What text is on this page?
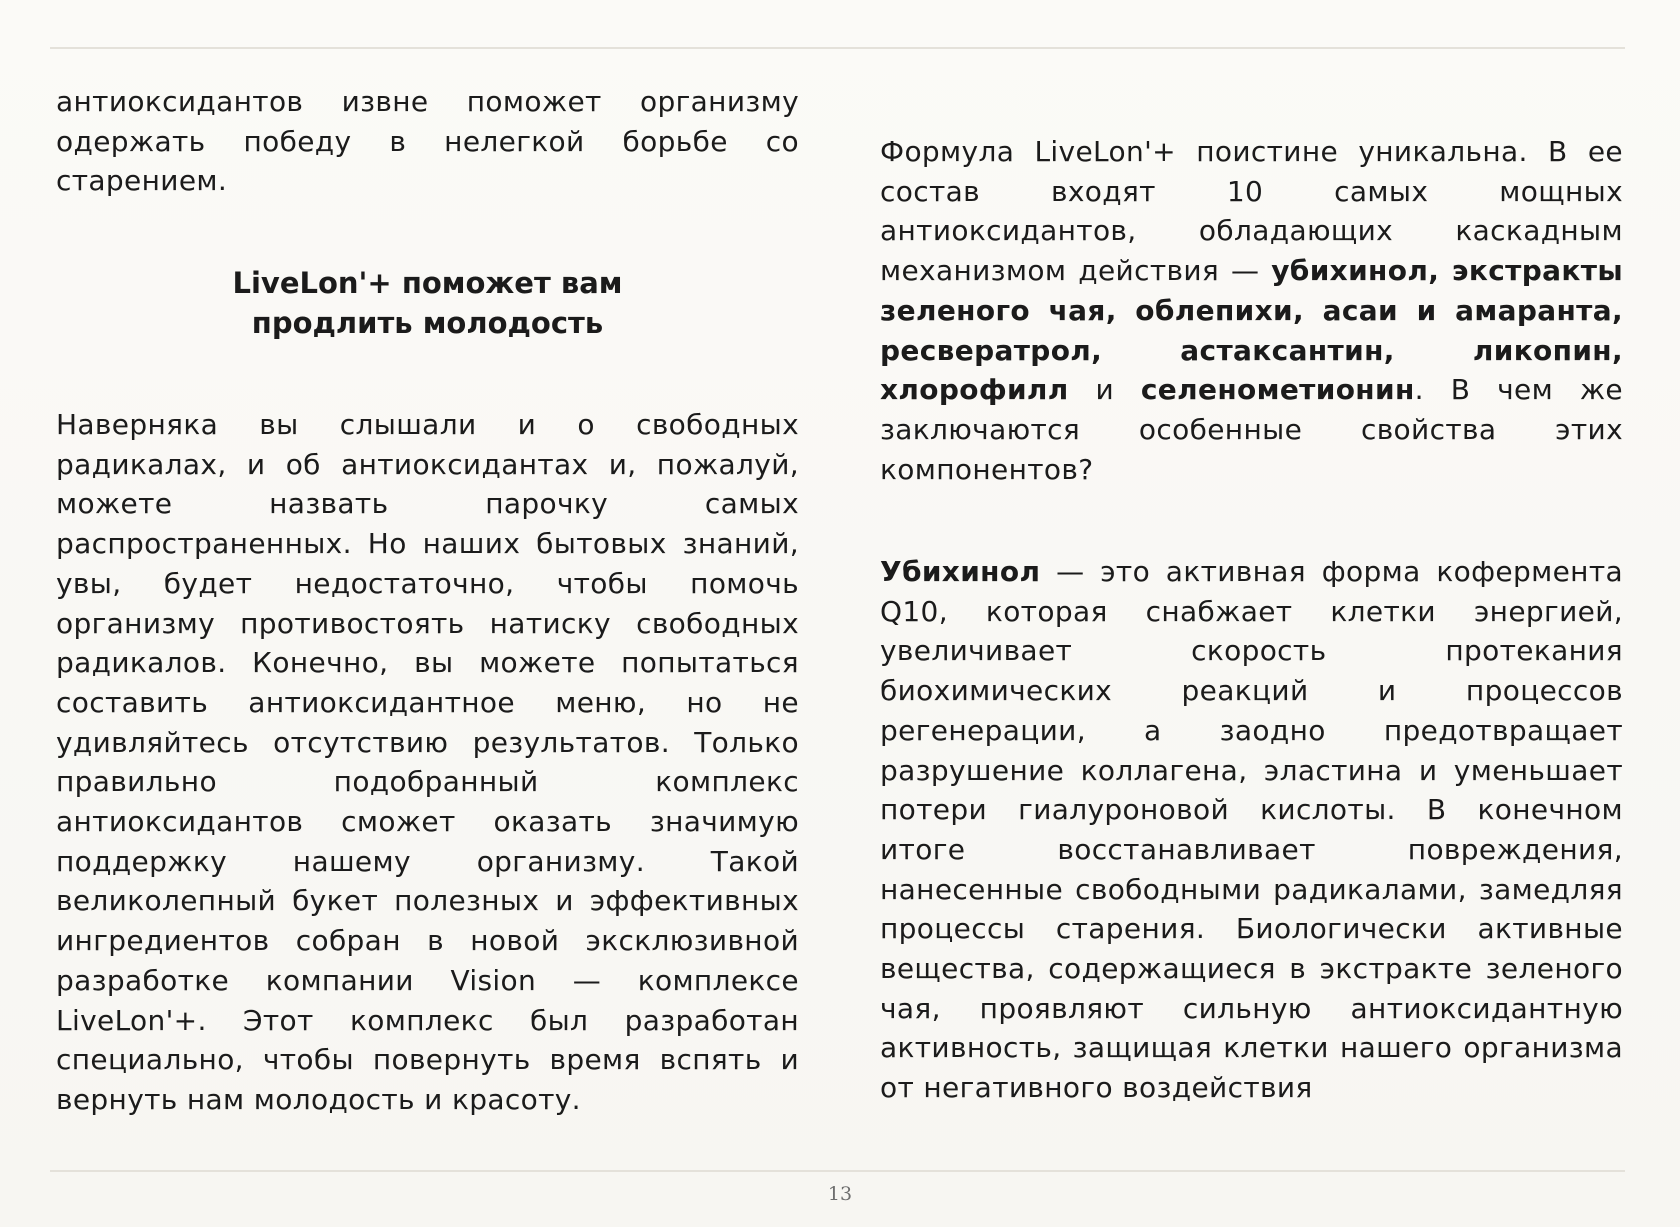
антиоксидантов извне поможет организму одержать победу в нелегкой борьбе со старением.

LiveLon'+ поможет вам продлить молодость

Наверняка вы слышали и о свободных радикалах, и об антиоксидантах и, пожалуй, можете назвать парочку самых распространенных. Но наших бытовых знаний, увы, будет недостаточно, чтобы помочь организму противостоять натиску свободных радикалов. Конечно, вы можете попытаться составить антиоксидантное меню, но не удивляйтесь отсутствию результатов. Только правильно подобранный комплекс антиоксидантов сможет оказать значимую поддержку нашему организму. Такой великолепный букет полезных и эффективных ингредиентов собран в новой эксклюзивной разработке компании Vision — комплексе LiveLon'+. Этот комплекс был разработан специально, чтобы повернуть время вспять и вернуть нам молодость и красоту.

Формула LiveLon'+ поистине уникальна. В ее состав входят 10 самых мощных антиоксидантов, обладающих каскадным механизмом действия — убихинол, экстракты зеленого чая, облепихи, асаи и амаранта, ресвератрол, астаксантин, ликопин, хлорофилл и селенометионин. В чем же заключаются особенные свойства этих компонентов?

Убихинол — это активная форма кофермента Q10, которая снабжает клетки энергией, увеличивает скорость протекания биохимических реакций и процессов регенерации, а заодно предотвращает разрушение коллагена, эластина и уменьшает потери гиалуроновой кислоты. В конечном итоге восстанавливает повреждения, нанесенные свободными радикалами, замедляя процессы старения. Биологически активные вещества, содержащиеся в экстракте зеленого чая, проявляют сильную антиоксидантную активность, защищая клетки нашего организма от негативного воздействия

13
